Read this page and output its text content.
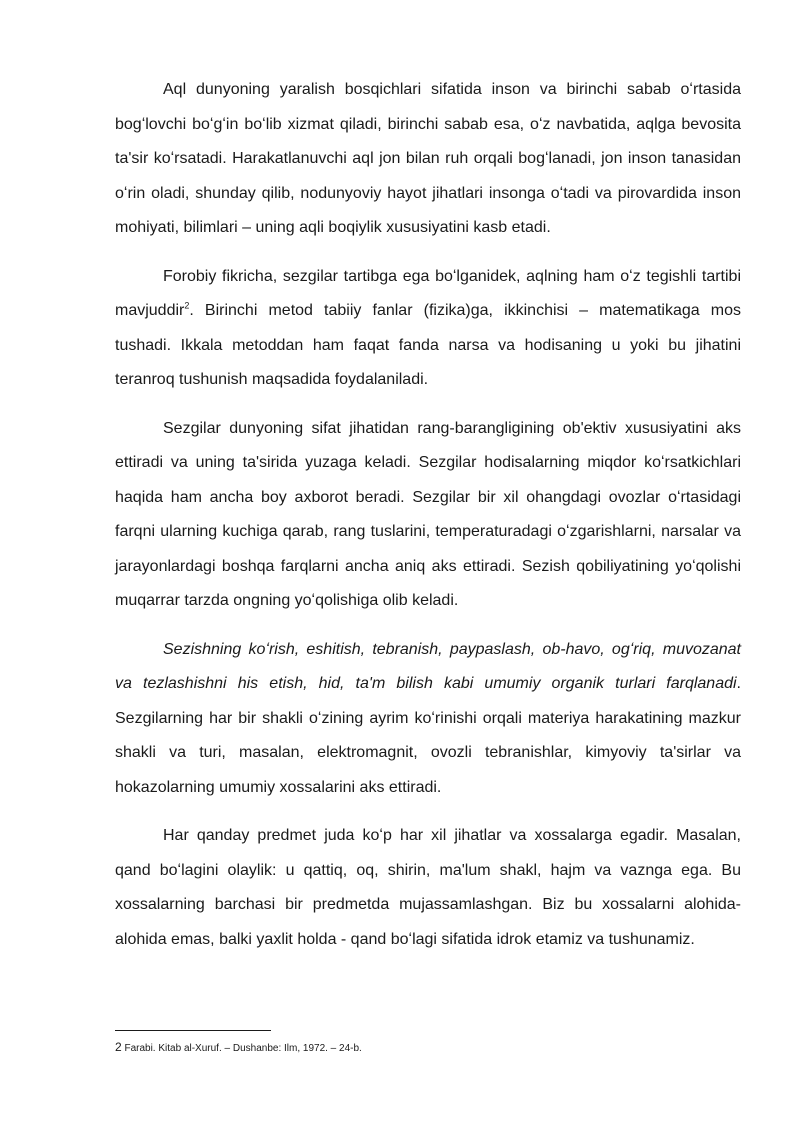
Aql dunyoning yaralish bosqichlari sifatida inson va birinchi sabab oʻrtasida bogʻlovchi boʻgʻin boʻlib xizmat qiladi, birinchi sabab esa, oʻz navbatida, aqlga bevosita ta'sir koʻrsatadi. Harakatlanuvchi aql jon bilan ruh orqali bogʻlanadi, jon inson tanasidan oʻrin oladi, shunday qilib, nodunyoviy hayot jihatlari insonga oʻtadi va pirovardida inson mohiyati, bilimlari – uning aqli boqiylik xususiyatini kasb etadi.

Forobiy fikricha, sezgilar tartibga ega boʻlganidek, aqlning ham oʻz tegishli tartibi mavjuddir$^2$. Birinchi metod tabiiy fanlar (fizika)ga, ikkinchisi – matematikaga mos tushadi. Ikkala metoddan ham faqat fanda narsa va hodisaning u yoki bu jihatini teranroq tushunish maqsadida foydalaniladi.

Sezgilar dunyoning sifat jihatidan rang-barangligining ob'ektiv xususiyatini aks ettiradi va uning ta'sirida yuzaga keladi. Sezgilar hodisalarning miqdor koʻrsatkichlari haqida ham ancha boy axborot beradi. Sezgilar bir xil ohangdagi ovozlar oʻrtasidagi farqni ularning kuchiga qarab, rang tuslarini, temperaturadagi oʻzgarishlarni, narsalar va jarayonlardagi boshqa farqlarni ancha aniq aks ettiradi. Sezish qobiliyatining yoʻqolishi muqarrar tarzda ongning yoʻqolishiga olib keladi.

Sezishning koʻrish, eshitish, tebranish, paypaslash, ob-havo, ogʻriq, muvozanat va tezlashishni his etish, hid, ta'm bilish kabi umumiy organik turlari farqlanadi. Sezgilarning har bir shakli oʻzining ayrim koʻrinishi orqali materiya harakatining mazkur shakli va turi, masalan, elektromagnit, ovozli tebranishlar, kimyoviy ta'sirlar va hokazolarning umumiy xossalarini aks ettiradi.

Har qanday predmet juda koʻp har xil jihatlar va xossalarga egadir. Masalan, qand boʻlagini olaylik: u qattiq, oq, shirin, ma'lum shakl, hajm va vaznga ega. Bu xossalarning barchasi bir predmetda mujassamlashgan. Biz bu xossalarni alohida-alohida emas, balki yaxlit holda - qand boʻlagi sifatida idrok etamiz va tushunamiz.

2 Farabi. Kitab al-Xuruf. – Dushanbe: Ilm, 1972. – 24-b.
